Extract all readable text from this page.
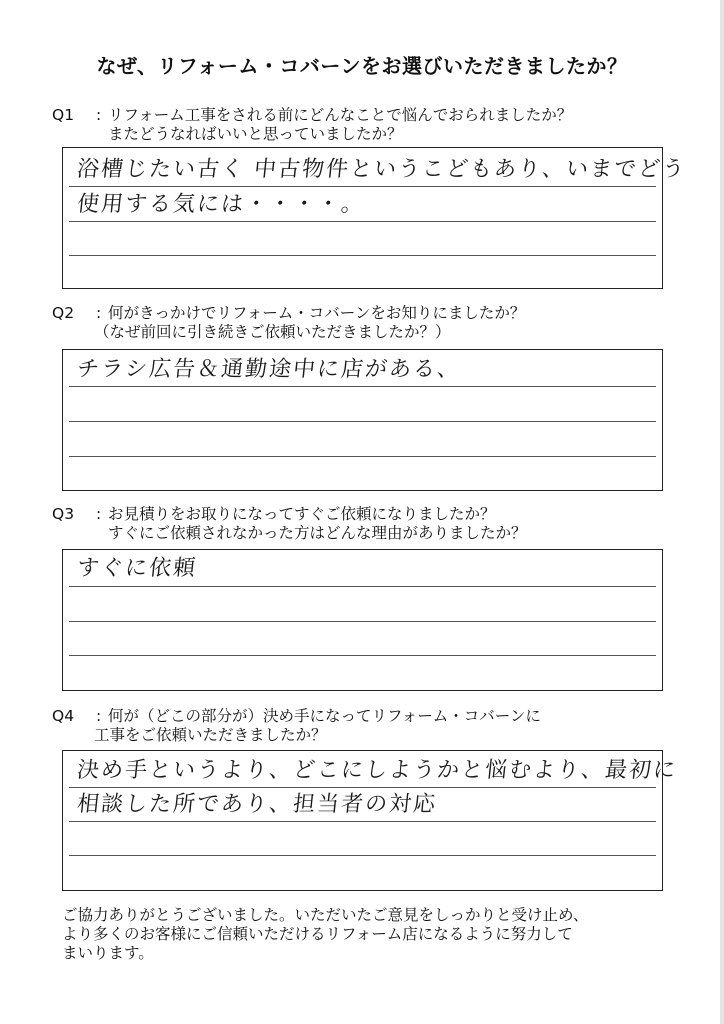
なぜ、リフォーム・コバーンをお選びいただきましたか？
Q1	: リフォーム工事をされる前にどんなことで悩んでおられましたか？
またどうなればいいと思っていましたか？
浴槽じたい古く 中古物件というこどもあり、いまでどう
使用する気には・・・・。
Q2	: 何がきっかけでリフォーム・コバーンをお知りにましたか？
（なぜ前回に引き続きご依頼いただきましたか？）
チラシ広告＆通勤途中に店がある、
Q3	: お見積りをお取りになってすぐご依頼になりましたか？
すぐにご依頼されなかった方はどんな理由がありましたか？
すぐに依頼
Q4	: 何が（どこの部分が）決め手になってリフォーム・コバーンに
工事をご依頼いただきましたか？
決め手というより、どこにしようかと悩むより、最初に
相談した所であり、担当者の対応
ご協力ありがとうございました。いただいたご意見をしっかりと受け止め、
より多くのお客様にご信頼いただけるリフォーム店になるように努力して
まいります。
